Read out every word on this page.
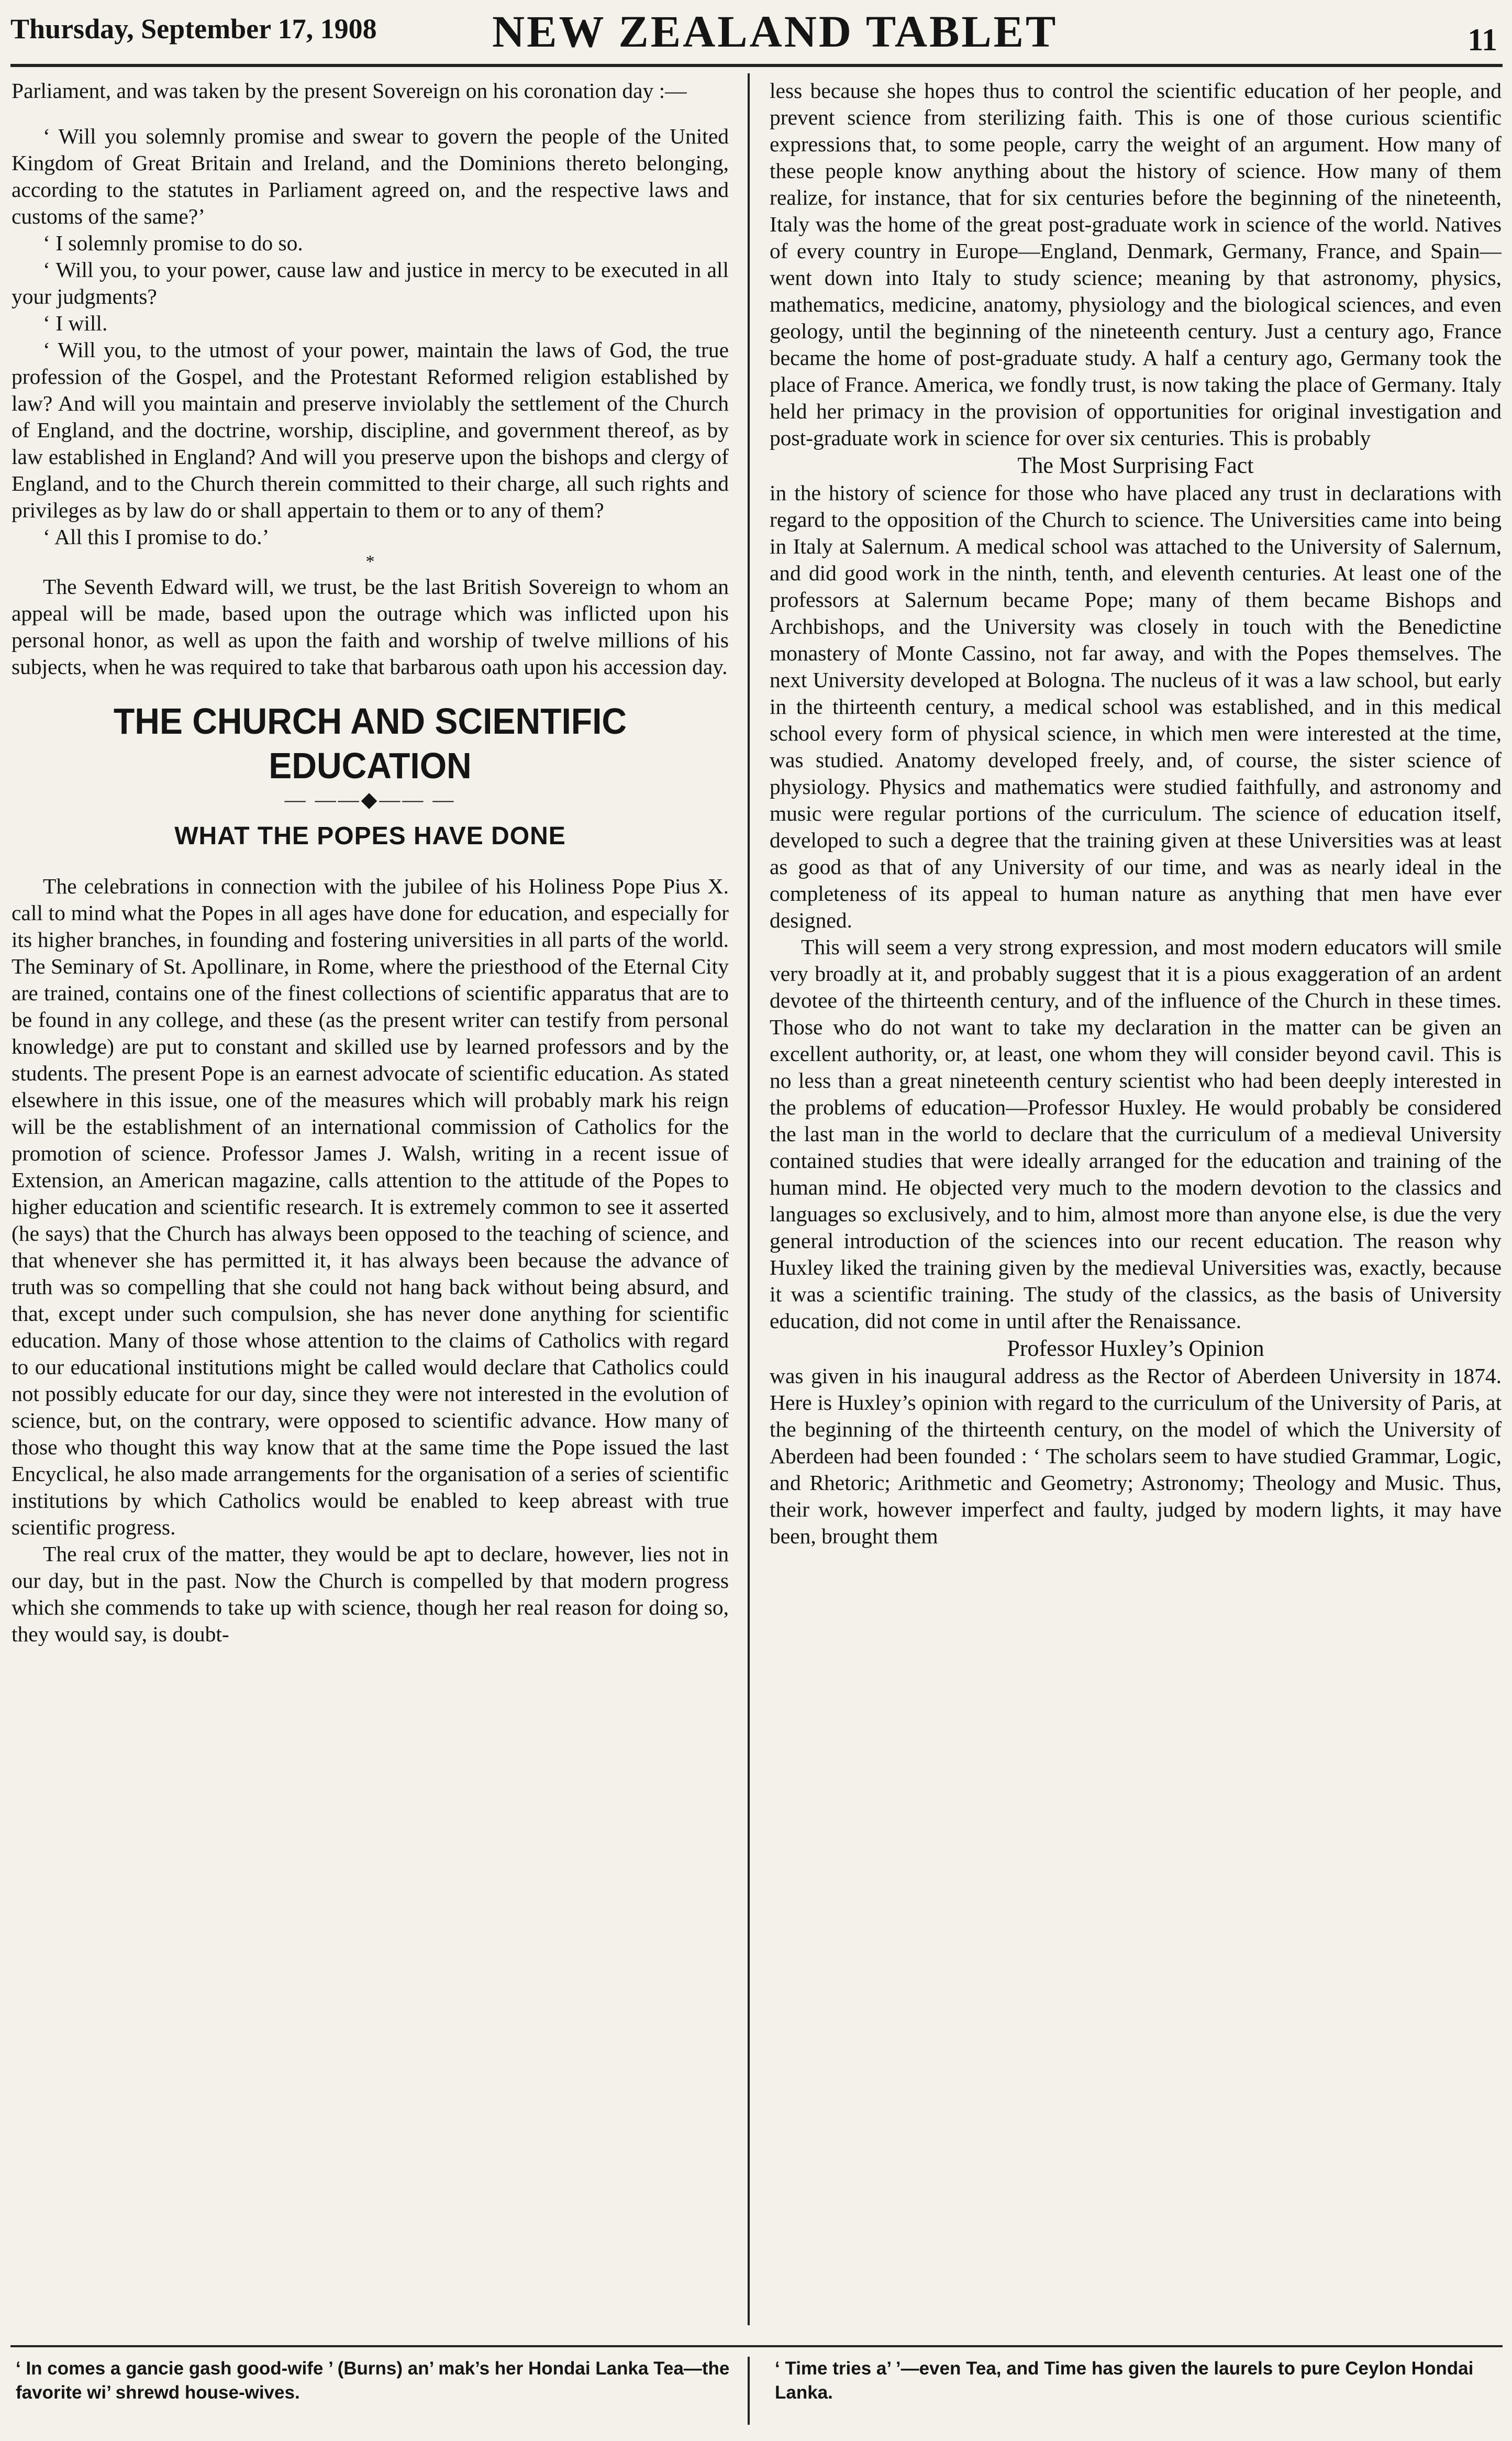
Thursday, September 17, 1908	NEW ZEALAND TABLET	11
Parliament, and was taken by the present Sovereign on his coronation day :—
‘ Will you solemnly promise and swear to govern the people of the United Kingdom of Great Britain and Ireland, and the Dominions thereto belonging, according to the statutes in Parliament agreed on, and the respective laws and customs of the same?’
‘ I solemnly promise to do so.
‘ Will you, to your power, cause law and justice in mercy to be executed in all your judgments?
‘ I will.
‘ Will you, to the utmost of your power, maintain the laws of God, the true profession of the Gospel, and the Protestant Reformed religion established by law? And will you maintain and preserve inviolably the settlement of the Church of England, and the doctrine, worship, discipline, and government thereof, as by law established in England? And will you preserve upon the bishops and clergy of England, and to the Church therein committed to their charge, all such rights and privileges as by law do or shall appertain to them or to any of them?
‘ All this I promise to do.’
*
The Seventh Edward will, we trust, be the last British Sovereign to whom an appeal will be made, based upon the outrage which was inflicted upon his personal honor, as well as upon the faith and worship of twelve millions of his subjects, when he was required to take that barbarous oath upon his accession day.
THE CHURCH AND SCIENTIFIC EDUCATION
— ——◆—— —
WHAT THE POPES HAVE DONE
The celebrations in connection with the jubilee of his Holiness Pope Pius X. call to mind what the Popes in all ages have done for education, and especially for its higher branches, in founding and fostering universities in all parts of the world. The Seminary of St. Apollinare, in Rome, where the priesthood of the Eternal City are trained, contains one of the finest collections of scientific apparatus that are to be found in any college, and these (as the present writer can testify from personal knowledge) are put to constant and skilled use by learned professors and by the students. The present Pope is an earnest advocate of scientific education. As stated elsewhere in this issue, one of the measures which will probably mark his reign will be the establishment of an international commission of Catholics for the promotion of science. Professor James J. Walsh, writing in a recent issue of Extension, an American magazine, calls attention to the attitude of the Popes to higher education and scientific research. It is extremely common to see it asserted (he says) that the Church has always been opposed to the teaching of science, and that whenever she has permitted it, it has always been because the advance of truth was so compelling that she could not hang back without being absurd, and that, except under such compulsion, she has never done anything for scientific education. Many of those whose attention to the claims of Catholics with regard to our educational institutions might be called would declare that Catholics could not possibly educate for our day, since they were not interested in the evolution of science, but, on the contrary, were opposed to scientific advance. How many of those who thought this way know that at the same time the Pope issued the last Encyclical, he also made arrangements for the organisation of a series of scientific institutions by which Catholics would be enabled to keep abreast with true scientific progress.
The real crux of the matter, they would be apt to declare, however, lies not in our day, but in the past. Now the Church is compelled by that modern progress which she commends to take up with science, though her real reason for doing so, they would say, is doubt-
less because she hopes thus to control the scientific education of her people, and prevent science from sterilizing faith. This is one of those curious scientific expressions that, to some people, carry the weight of an argument. How many of these people know anything about the history of science. How many of them realize, for instance, that for six centuries before the beginning of the nineteenth, Italy was the home of the great post-graduate work in science of the world. Natives of every country in Europe—England, Denmark, Germany, France, and Spain—went down into Italy to study science; meaning by that astronomy, physics, mathematics, medicine, anatomy, physiology and the biological sciences, and even geology, until the beginning of the nineteenth century. Just a century ago, France became the home of post-graduate study. A half a century ago, Germany took the place of France. America, we fondly trust, is now taking the place of Germany. Italy held her primacy in the provision of opportunities for original investigation and post-graduate work in science for over six centuries. This is probably
The Most Surprising Fact
in the history of science for those who have placed any trust in declarations with regard to the opposition of the Church to science. The Universities came into being in Italy at Salernum. A medical school was attached to the University of Salernum, and did good work in the ninth, tenth, and eleventh centuries. At least one of the professors at Salernum became Pope; many of them became Bishops and Archbishops, and the University was closely in touch with the Benedictine monastery of Monte Cassino, not far away, and with the Popes themselves. The next University developed at Bologna. The nucleus of it was a law school, but early in the thirteenth century, a medical school was established, and in this medical school every form of physical science, in which men were interested at the time, was studied. Anatomy developed freely, and, of course, the sister science of physiology. Physics and mathematics were studied faithfully, and astronomy and music were regular portions of the curriculum. The science of education itself, developed to such a degree that the training given at these Universities was at least as good as that of any University of our time, and was as nearly ideal in the completeness of its appeal to human nature as anything that men have ever designed.
This will seem a very strong expression, and most modern educators will smile very broadly at it, and probably suggest that it is a pious exaggeration of an ardent devotee of the thirteenth century, and of the influence of the Church in these times. Those who do not want to take my declaration in the matter can be given an excellent authority, or, at least, one whom they will consider beyond cavil. This is no less than a great nineteenth century scientist who had been deeply interested in the problems of education—Professor Huxley. He would probably be considered the last man in the world to declare that the curriculum of a medieval University contained studies that were ideally arranged for the education and training of the human mind. He objected very much to the modern devotion to the classics and languages so exclusively, and to him, almost more than anyone else, is due the very general introduction of the sciences into our recent education. The reason why Huxley liked the training given by the medieval Universities was, exactly, because it was a scientific training. The study of the classics, as the basis of University education, did not come in until after the Renaissance.
Professor Huxley’s Opinion
was given in his inaugural address as the Rector of Aberdeen University in 1874. Here is Huxley’s opinion with regard to the curriculum of the University of Paris, at the beginning of the thirteenth century, on the model of which the University of Aberdeen had been founded : ‘ The scholars seem to have studied Grammar, Logic, and Rhetoric; Arithmetic and Geometry; Astronomy; Theology and Music. Thus, their work, however imperfect and faulty, judged by modern lights, it may have been, brought them
‘ In comes a gancie gash good-wife ’ (Burns) an’ mak’s her Hondai Lanka Tea—the favorite wi’ shrewd house-wives.
‘ Time tries a’ ’—even Tea, and Time has given the laurels to pure Ceylon Hondai Lanka.
